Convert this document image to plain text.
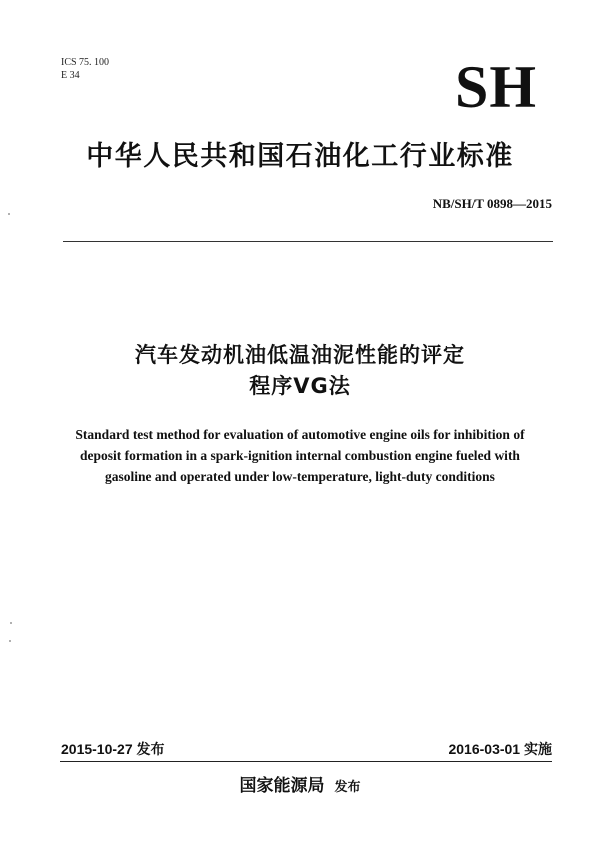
ICS 75. 100
E 34	SH
中华人民共和国石油化工行业标准
NB/SH/T 0898—2015
汽车发动机油低温油泥性能的评定
程序ⅤG法
Standard test method for evaluation of automotive engine oils for inhibition of
deposit formation in a spark-ignition internal combustion engine fueled with
gasoline and operated under low-temperature, light-duty conditions
2015-10-27 发布	2016-03-01 实施
国家能源局 发布
